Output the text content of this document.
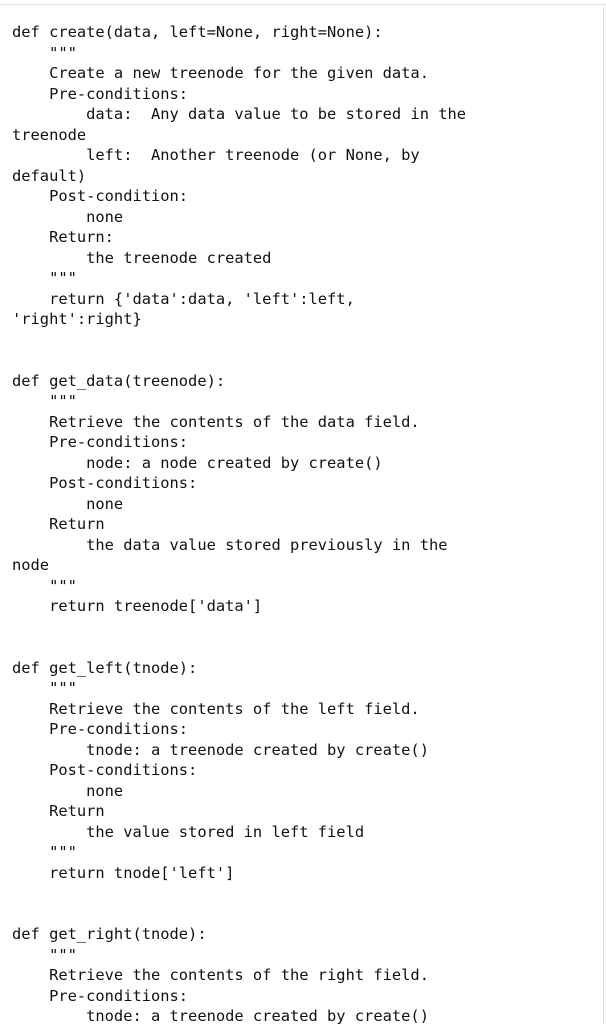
def create(data, left=None, right=None):
"""
Create a new treenode for the given data.
Pre-conditions:
data:  Any data value to be stored in the
treenode
left:  Another treenode (or None, by
default)
Post-condition:
none
Return:
the treenode created
"""
return {'data':data, 'left':left,
'right':right}
def get_data(treenode):
"""
Retrieve the contents of the data field.
Pre-conditions:
node: a node created by create()
Post-conditions:
none
Return
the data value stored previously in the
node
"""
return treenode['data']
def get_left(tnode):
"""
Retrieve the contents of the left field.
Pre-conditions:
tnode: a treenode created by create()
Post-conditions:
none
Return
the value stored in left field
"""
return tnode['left']
def get_right(tnode):
"""
Retrieve the contents of the right field.
Pre-conditions:
tnode: a treenode created by create()
